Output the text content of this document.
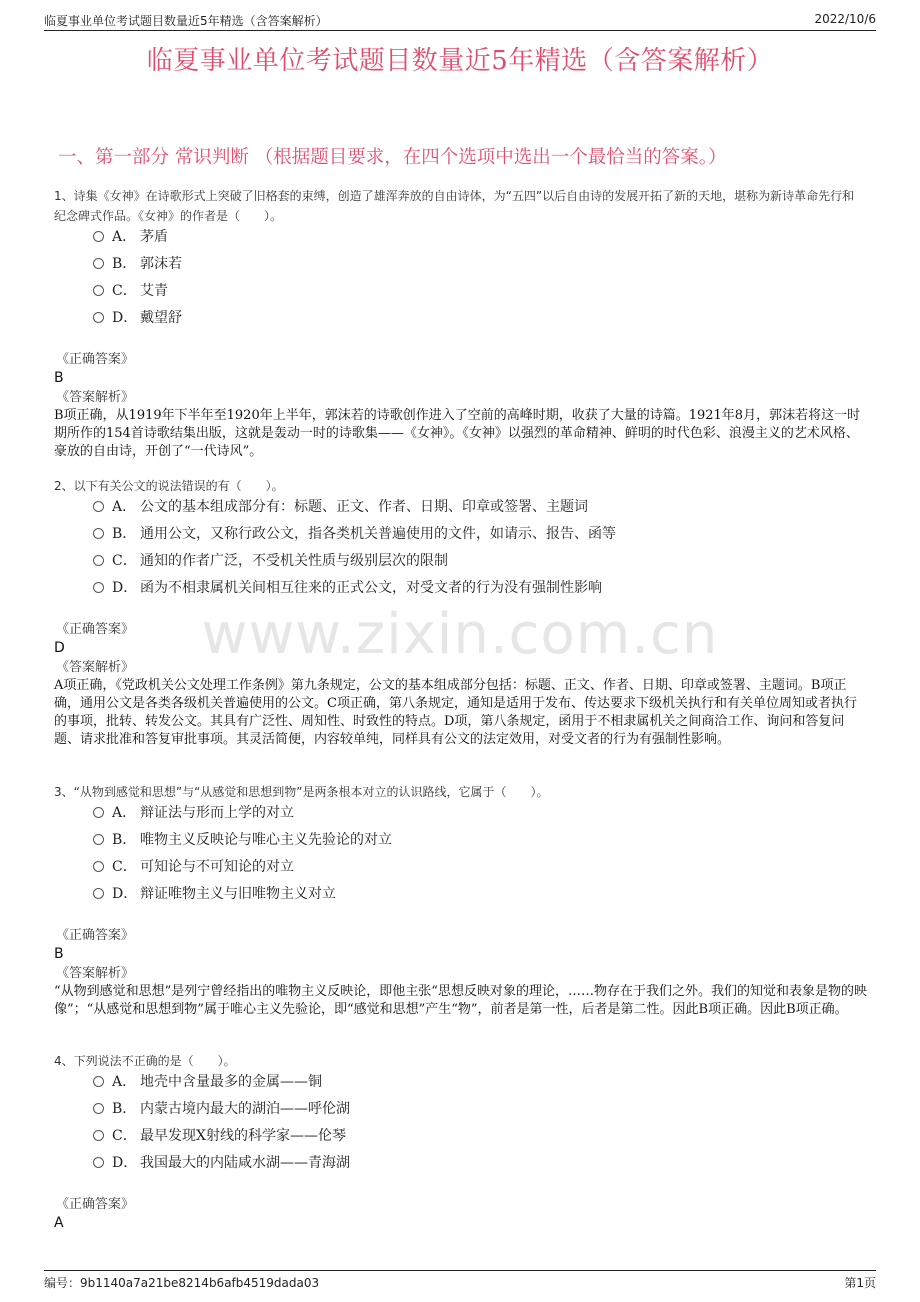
临夏事业单位考试题目数量近5年精选（含答案解析）	2022/10/6
临夏事业单位考试题目数量近5年精选（含答案解析）
一、第一部分 常识判断 （根据题目要求，在四个选项中选出一个最恰当的答案。）
www.zixin.com.cn
1、诗集《女神》在诗歌形式上突破了旧格套的束缚，创造了雄浑奔放的自由诗体，为“五四”以后自由诗的发展开拓了新的天地，堪称为新诗革命先行和纪念碑式作品。《女神》的作者是（　　）。
A． 茅盾
B． 郭沫若
C． 艾青
D． 戴望舒
《正确答案》
B
《答案解析》
B项正确，从1919年下半年至1920年上半年，郭沫若的诗歌创作进入了空前的高峰时期，收获了大量的诗篇。1921年8月，郭沫若将这一时期所作的154首诗歌结集出版，这就是轰动一时的诗歌集——《女神》。《女神》以强烈的革命精神、鲜明的时代色彩、浪漫主义的艺术风格、豪放的自由诗，开创了“一代诗风”。
2、以下有关公文的说法错误的有（　　）。
A． 公文的基本组成部分有：标题、正文、作者、日期、印章或签署、主题词
B． 通用公文，又称行政公文，指各类机关普遍使用的文件，如请示、报告、函等
C． 通知的作者广泛，不受机关性质与级别层次的限制
D． 函为不相隶属机关间相互往来的正式公文，对受文者的行为没有强制性影响
《正确答案》
D
《答案解析》
A项正确，《党政机关公文处理工作条例》第九条规定，公文的基本组成部分包括：标题、正文、作者、日期、印章或签署、主题词。B项正确，通用公文是各类各级机关普遍使用的公文。C项正确，第八条规定，通知是适用于发布、传达要求下级机关执行和有关单位周知或者执行的事项，批转、转发公文。其具有广泛性、周知性、时致性的特点。D项，第八条规定，函用于不相隶属机关之间商洽工作、询问和答复问题、请求批准和答复审批事项。其灵活简便，内容较单纯，同样具有公文的法定效用，对受文者的行为有强制性影响。
3、“从物到感觉和思想”与“从感觉和思想到物”是两条根本对立的认识路线，它属于（　　）。
A． 辩证法与形而上学的对立
B． 唯物主义反映论与唯心主义先验论的对立
C． 可知论与不可知论的对立
D． 辩证唯物主义与旧唯物主义对立
《正确答案》
B
《答案解析》
“从物到感觉和思想”是列宁曾经指出的唯物主义反映论，即他主张“思想反映对象的理论，……物存在于我们之外。我们的知觉和表象是物的映像”；“从感觉和思想到物”属于唯心主义先验论，即“感觉和思想”产生“物”，前者是第一性，后者是第二性。因此B项正确。因此B项正确。
4、下列说法不正确的是（　　）。
A． 地壳中含量最多的金属——铜
B． 内蒙古境内最大的湖泊——呼伦湖
C． 最早发现X射线的科学家——伦琴
D． 我国最大的内陆咸水湖——青海湖
《正确答案》
A
编号：9b1140a7a21be8214b6afb4519dada03	第1页
